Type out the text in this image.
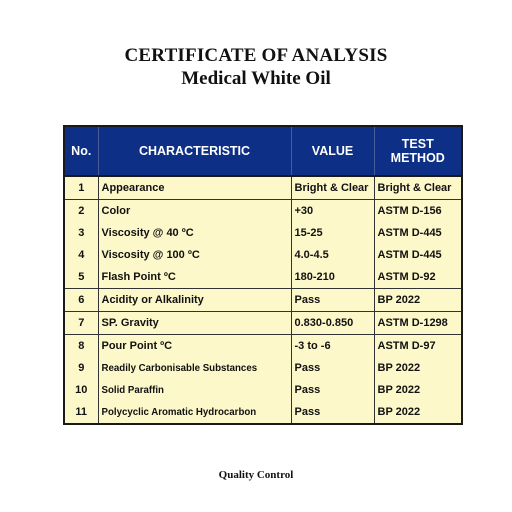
CERTIFICATE OF ANALYSIS
Medical White Oil
No.	CHARACTERISTIC	VALUE	TEST
METHOD
1	Appearance	Bright & Clear	Bright & Clear
2	Color	+30	ASTM D-156
3	Viscosity @ 40 ºC	15-25	ASTM D-445
4	Viscosity @ 100 ºC	4.0-4.5	ASTM D-445
5	Flash Point ºC	180-210	ASTM D-92
6	Acidity or Alkalinity	Pass	BP 2022
7	SP. Gravity	0.830-0.850	ASTM D-1298
8	Pour Point ºC	-3 to -6	ASTM D-97
9	Readily Carbonisable Substances	Pass	BP 2022
10	Solid Paraffin	Pass	BP 2022
11	Polycyclic Aromatic Hydrocarbon	Pass	BP 2022
Quality Control
